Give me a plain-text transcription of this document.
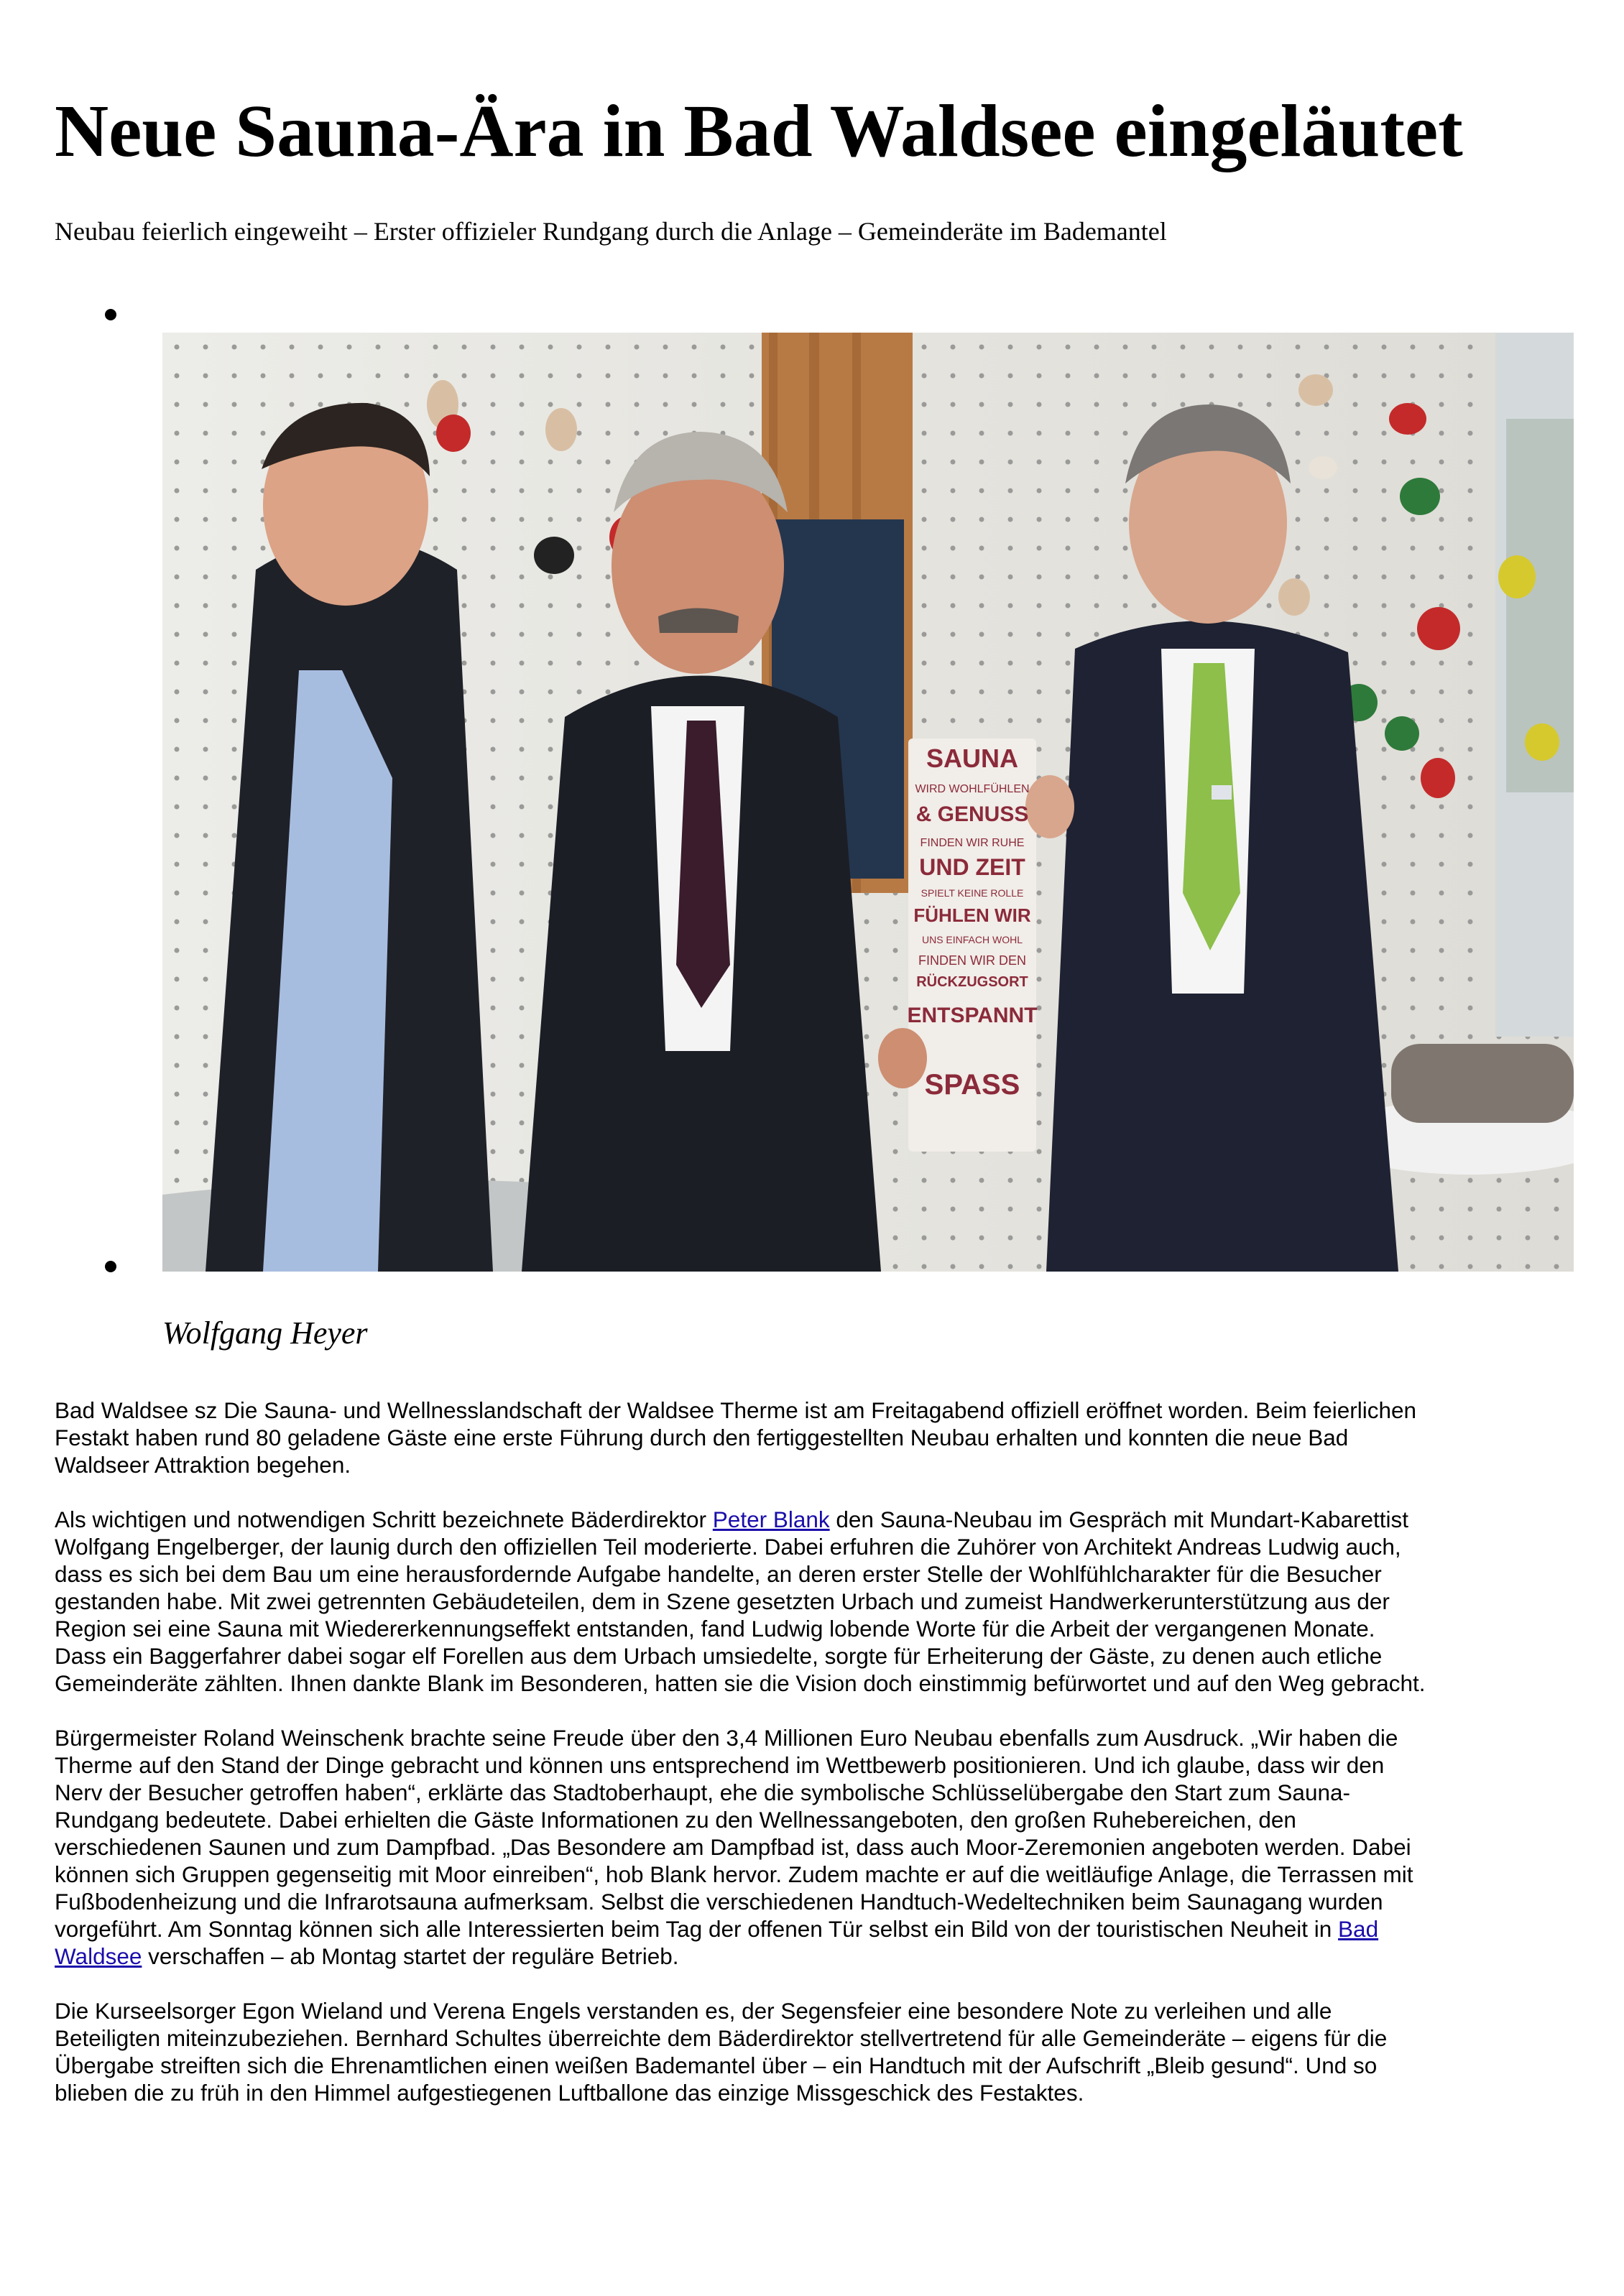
Neue Sauna-Ära in Bad Waldsee eingeläutet

Neubau feierlich eingeweiht – Erster offizieler Rundgang durch die Anlage – Gemeinderäte im Bademantel

SAUNA
WIRD WOHLFÜHLEN
& GENUSS
FINDEN WIR RUHE
UND ZEIT
SPIELT KEINE ROLLE
FÜHLEN WIR
UNS EINFACH WOHL
FINDEN WIR DEN
RÜCKZUGSORT
ENTSPANNT
SPASS

Wolfgang Heyer

Bad Waldsee sz Die Sauna- und Wellnesslandschaft der Waldsee Therme ist am Freitagabend offiziell eröffnet worden. Beim feierlichen Festakt haben rund 80 geladene Gäste eine erste Führung durch den fertiggestellten Neubau erhalten und konnten die neue Bad Waldseer Attraktion begehen.

Als wichtigen und notwendigen Schritt bezeichnete Bäderdirektor Peter Blank den Sauna-Neubau im Gespräch mit Mundart-Kabarettist Wolfgang Engelberger, der launig durch den offiziellen Teil moderierte. Dabei erfuhren die Zuhörer von Architekt Andreas Ludwig auch, dass es sich bei dem Bau um eine herausfordernde Aufgabe handelte, an deren erster Stelle der Wohlfühlcharakter für die Besucher gestanden habe. Mit zwei getrennten Gebäudeteilen, dem in Szene gesetzten Urbach und zumeist Handwerkerunterstützung aus der Region sei eine Sauna mit Wiedererkennungseffekt entstanden, fand Ludwig lobende Worte für die Arbeit der vergangenen Monate. Dass ein Baggerfahrer dabei sogar elf Forellen aus dem Urbach umsiedelte, sorgte für Erheiterung der Gäste, zu denen auch etliche Gemeinderäte zählten. Ihnen dankte Blank im Besonderen, hatten sie die Vision doch einstimmig befürwortet und auf den Weg gebracht.

Bürgermeister Roland Weinschenk brachte seine Freude über den 3,4 Millionen Euro Neubau ebenfalls zum Ausdruck. „Wir haben die Therme auf den Stand der Dinge gebracht und können uns entsprechend im Wettbewerb positionieren. Und ich glaube, dass wir den Nerv der Besucher getroffen haben“, erklärte das Stadtoberhaupt, ehe die symbolische Schlüsselübergabe den Start zum Sauna-Rundgang bedeutete. Dabei erhielten die Gäste Informationen zu den Wellnessangeboten, den großen Ruhebereichen, den verschiedenen Saunen und zum Dampfbad. „Das Besondere am Dampfbad ist, dass auch Moor-Zeremonien angeboten werden. Dabei können sich Gruppen gegenseitig mit Moor einreiben“, hob Blank hervor. Zudem machte er auf die weitläufige Anlage, die Terrassen mit Fußbodenheizung und die Infrarotsauna aufmerksam. Selbst die verschiedenen Handtuch-Wedeltechniken beim Saunagang wurden vorgeführt. Am Sonntag können sich alle Interessierten beim Tag der offenen Tür selbst ein Bild von der touristischen Neuheit in Bad Waldsee verschaffen – ab Montag startet der reguläre Betrieb.

Die Kurseelsorger Egon Wieland und Verena Engels verstanden es, der Segensfeier eine besondere Note zu verleihen und alle Beteiligten miteinzubeziehen. Bernhard Schultes überreichte dem Bäderdirektor stellvertretend für alle Gemeinderäte – eigens für die Übergabe streiften sich die Ehrenamtlichen einen weißen Bademantel über – ein Handtuch mit der Aufschrift „Bleib gesund“. Und so blieben die zu früh in den Himmel aufgestiegenen Luftballone das einzige Missgeschick des Festaktes.
